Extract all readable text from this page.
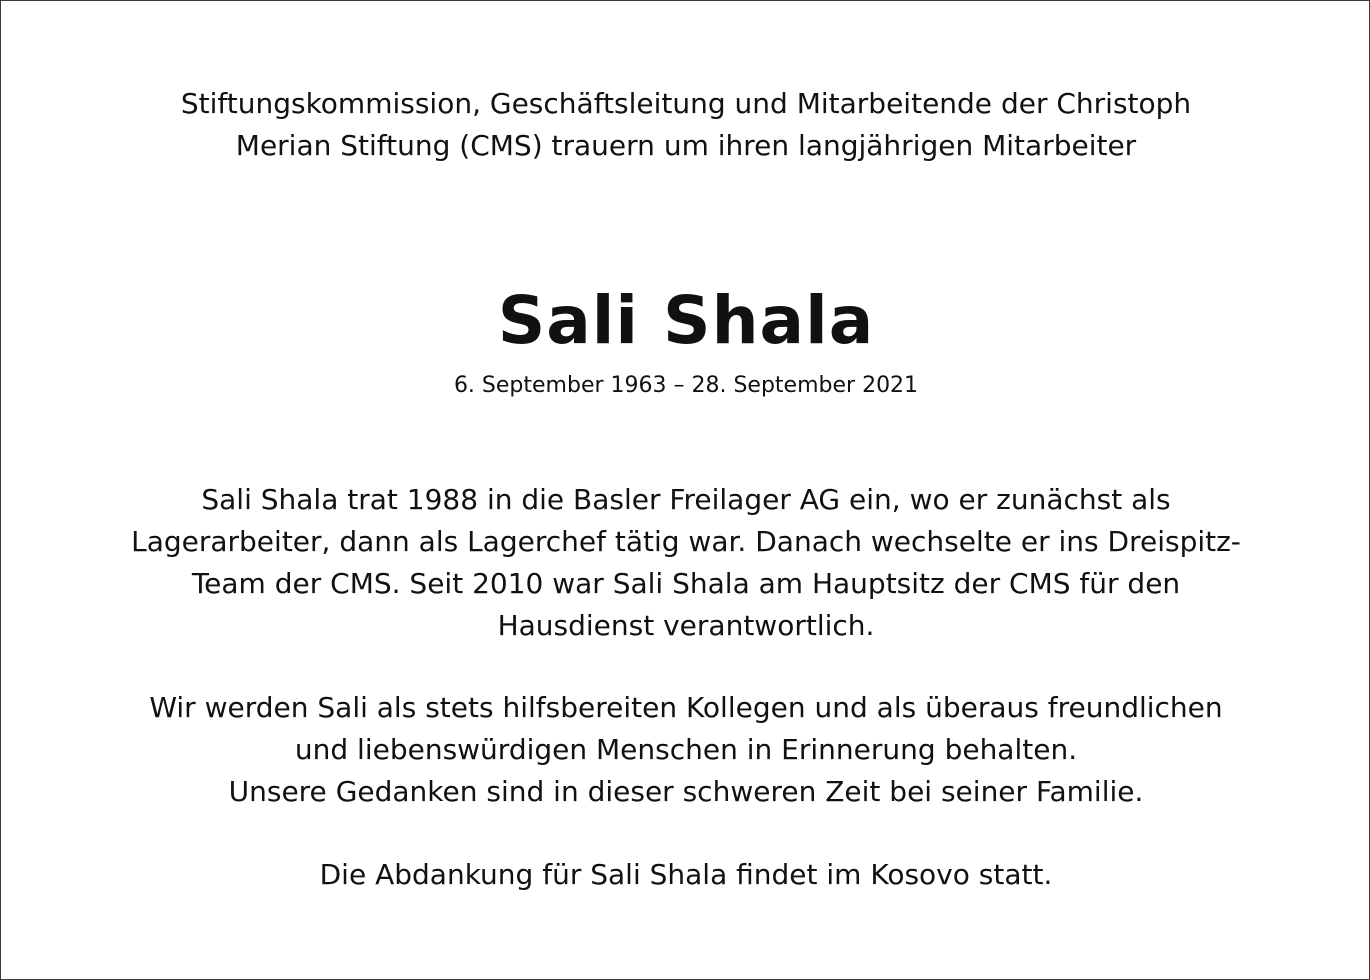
Stiftungskommission, Geschäftsleitung und Mitarbeitende der Christoph
Merian Stiftung (CMS) trauern um ihren langjährigen Mitarbeiter
Sali Shala
6. September 1963 – 28. September 2021
Sali Shala trat 1988 in die Basler Freilager AG ein, wo er zunächst als
Lagerarbeiter, dann als Lagerchef tätig war. Danach wechselte er ins Dreispitz-
Team der CMS. Seit 2010 war Sali Shala am Hauptsitz der CMS für den
Hausdienst verantwortlich.
Wir werden Sali als stets hilfsbereiten Kollegen und als überaus freundlichen
und liebenswürdigen Menschen in Erinnerung behalten.
Unsere Gedanken sind in dieser schweren Zeit bei seiner Familie.
Die Abdankung für Sali Shala findet im Kosovo statt.
